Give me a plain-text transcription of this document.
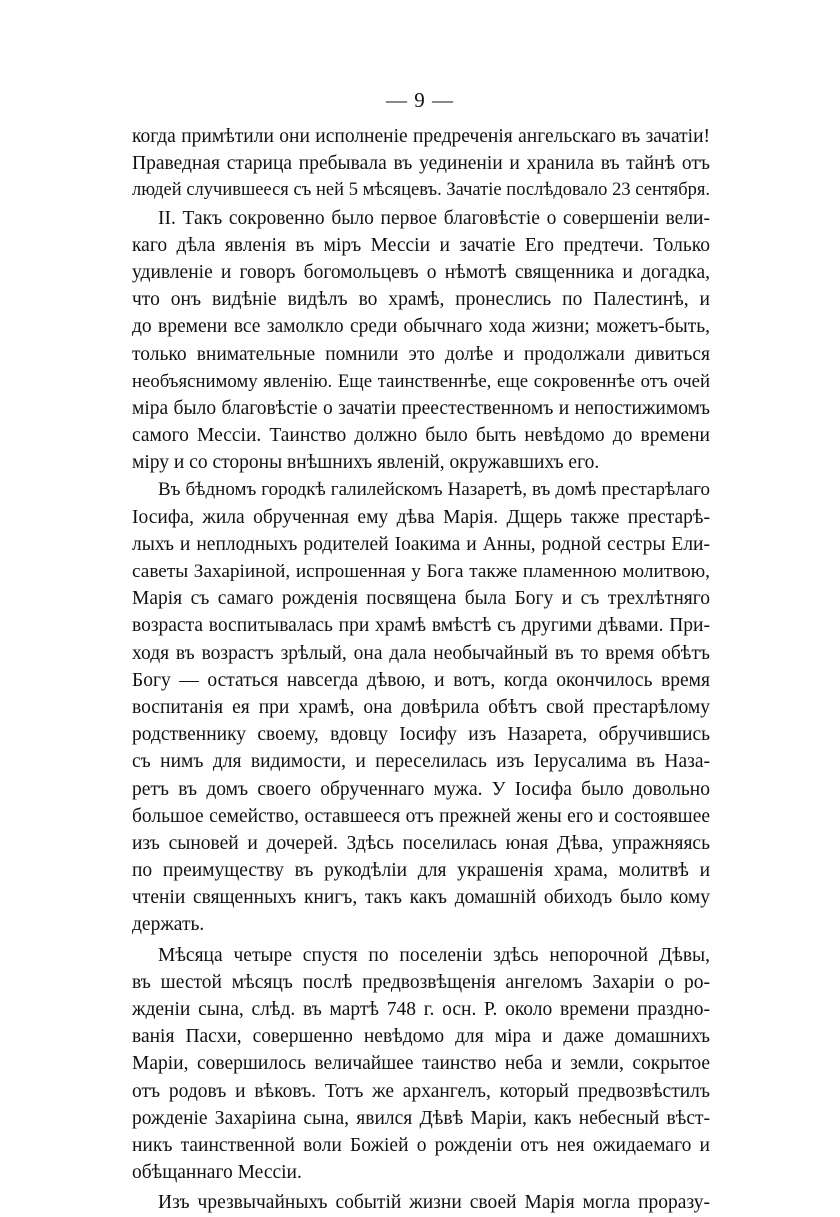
— 9 —
когда примѣтили они исполненіе предреченія ангельскаго въ зачатіи!
Праведная старица пребывала въ уединеніи и хранила въ тайнѣ отъ
людей случившееся съ ней 5 мѣсяцевъ. Зачатіе послѣдовало 23 сентября.
II. Такъ сокровенно было первое благовѣстіе о совершеніи вели-
каго дѣла явленія въ міръ Мессіи и зачатіе Его предтечи. Только
удивленіе и говоръ богомольцевъ о нѣмотѣ священника и догадка,
что онъ видѣніе видѣлъ во храмѣ, пронеслись по Палестинѣ, и
до времени все замолкло среди обычнаго хода жизни; можетъ-быть,
только внимательные помнили это долѣе и продолжали дивиться
необъяснимому явленію. Еще таинственнѣе, еще сокровеннѣе отъ очей
міра было благовѣстіе о зачатіи преестественномъ и непостижимомъ
самого Мессіи. Таинство должно было быть невѣдомо до времени
міру и со стороны внѣшнихъ явленій, окружавшихъ его.
Въ бѣдномъ городкѣ галилейскомъ Назаретѣ, въ домѣ престарѣлаго
Іосифа, жила обрученная ему дѣва Марія. Дщерь также престарѣ-
лыхъ и неплодныхъ родителей Іоакима и Анны, родной сестры Ели-
саветы Захаріиной, испрошенная у Бога также пламенною молитвою,
Марія съ самаго рожденія посвящена была Богу и съ трехлѣтняго
возраста воспитывалась при храмѣ вмѣстѣ съ другими дѣвами. При-
ходя въ возрастъ зрѣлый, она дала необычайный въ то время обѣтъ
Богу — остаться навсегда дѣвою, и вотъ, когда окончилось время
воспитанія ея при храмѣ, она довѣрила обѣтъ свой престарѣлому
родственнику своему, вдовцу Іосифу изъ Назарета, обручившись
съ нимъ для видимости, и переселилась изъ Іерусалима въ Наза-
ретъ въ домъ своего обрученнаго мужа. У Іосифа было довольно
большое семейство, оставшееся отъ прежней жены его и состоявшее
изъ сыновей и дочерей. Здѣсь поселилась юная Дѣва, упражняясь
по преимуществу въ рукодѣліи для украшенія храма, молитвѣ и
чтеніи священныхъ книгъ, такъ какъ домашній обиходъ было кому
держать.
Мѣсяца четыре спустя по поселеніи здѣсь непорочной Дѣвы,
въ шестой мѣсяцъ послѣ предвозвѣщенія ангеломъ Захаріи о ро-
жденіи сына, слѣд. въ мартѣ 748 г. осн. Р. около времени праздно-
ванія Пасхи, совершенно невѣдомо для міра и даже домашнихъ
Маріи, совершилось величайшее таинство неба и земли, сокрытое
отъ родовъ и вѣковъ. Тотъ же архангелъ, который предвозвѣстилъ
рожденіе Захаріина сына, явился Дѣвѣ Маріи, какъ небесный вѣст-
никъ таинственной воли Божіей о рожденіи отъ нея ожидаемаго и
обѣщаннаго Мессіи.
Изъ чрезвычайныхъ событій жизни своей Марія могла проразу-
